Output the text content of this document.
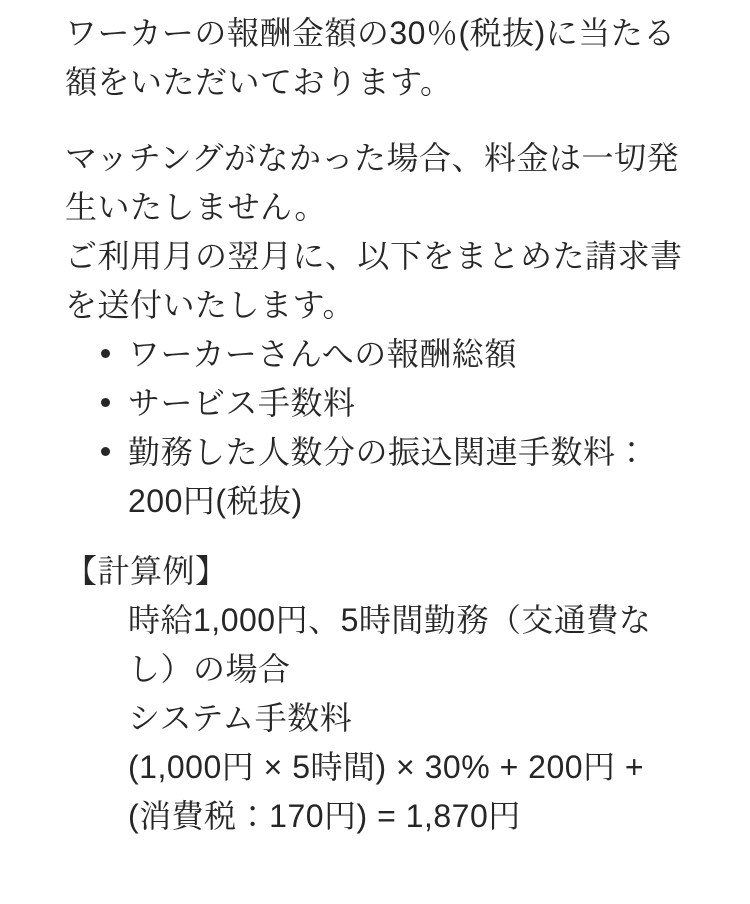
ワーカーの報酬金額の30％(税抜)に当たる
額をいただいております。
マッチングがなかった場合、料金は一切発
生いたしません。
ご利用月の翌月に、以下をまとめた請求書
を送付いたします。
ワーカーさんへの報酬総額
サービス手数料
勤務した人数分の振込関連手数料：
200円(税抜)
【計算例】
時給1,000円、5時間勤務（交通費な
し）の場合
システム手数料
(1,000円 × 5時間) × 30% + 200円 +
(消費税：170円) = 1,870円
